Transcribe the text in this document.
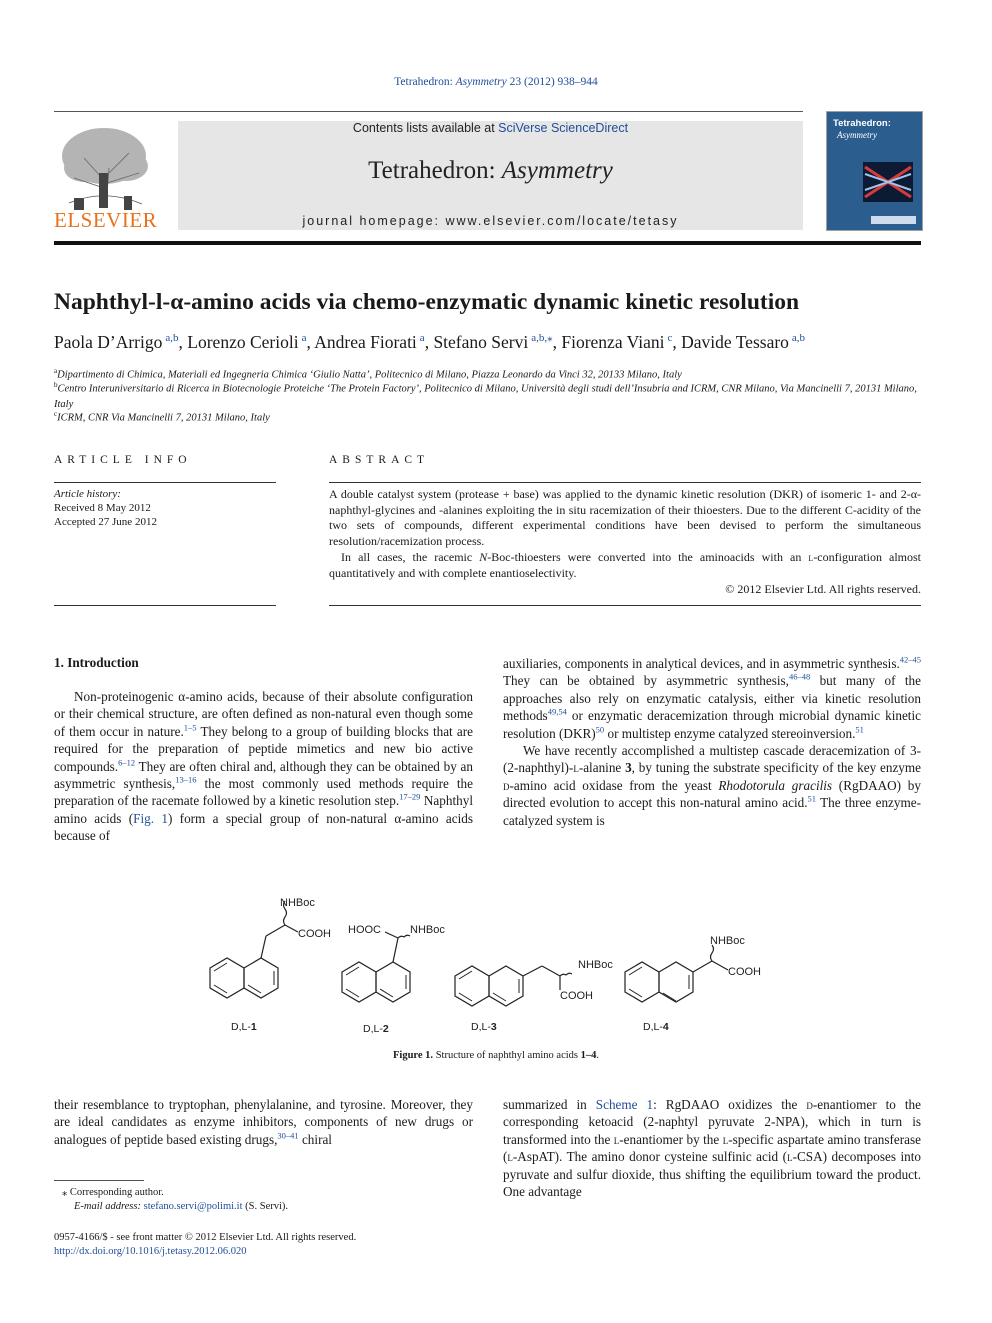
Tetrahedron: Asymmetry 23 (2012) 938–944
ELSEVIER
Contents lists available at SciVerse ScienceDirect
Tetrahedron: Asymmetry
journal homepage: www.elsevier.com/locate/tetasy
Tetrahedron:
Asymmetry
Naphthyl-l-α-amino acids via chemo-enzymatic dynamic kinetic resolution
Paola D’Arrigo $^{a,b}$, Lorenzo Cerioli $^a$, Andrea Fiorati $^a$, Stefano Servi $^{a,b,⁎}$, Fiorenza Viani $^c$, Davide Tessaro $^{a,b}$
$^a$Dipartimento di Chimica, Materiali ed Ingegneria Chimica ‘Giulio Natta’, Politecnico di Milano, Piazza Leonardo da Vinci 32, 20133 Milano, Italy
$^b$Centro Interuniversitario di Ricerca in Biotecnologie Proteiche ‘The Protein Factory’, Politecnico di Milano, Università degli studi dell’Insubria and ICRM, CNR Milano, Via Mancinelli 7, 20131 Milano, Italy
$^c$ICRM, CNR Via Mancinelli 7, 20131 Milano, Italy
ARTICLE INFO
Article history:
Received 8 May 2012
Accepted 27 June 2012
ABSTRACT

A double catalyst system (protease + base) was applied to the dynamic kinetic resolution (DKR) of isomeric 1- and 2-α-naphthyl-glycines and -alanines exploiting the in situ racemization of their thioesters. Due to the different C-acidity of the two sets of compounds, different experimental conditions have been devised to perform the simultaneous resolution/racemization process.

In all cases, the racemic N-Boc-thioesters were converted into the aminoacids with an l-configuration almost quantitatively and with complete enantioselectivity.

© 2012 Elsevier Ltd. All rights reserved.
1. Introduction

Non-proteinogenic α-amino acids, because of their absolute configuration or their chemical structure, are often defined as non-natural even though some of them occur in nature.$^{1-5}$ They belong to a group of building blocks that are required for the preparation of peptide mimetics and new bio active compounds.$^{6-12}$ They are often chiral and, although they can be obtained by an asymmetric synthesis,$^{13-16}$ the most commonly used methods require the preparation of the racemate followed by a kinetic resolution step.$^{17-29}$ Naphthyl amino acids (Fig. 1) form a special group of non-natural α-amino acids because of

auxiliaries, components in analytical devices, and in asymmetric synthesis.$^{42-45}$ They can be obtained by asymmetric synthesis,$^{46-48}$ but many of the approaches also rely on enzymatic catalysis, either via kinetic resolution methods$^{49,54}$ or enzymatic deracemization through microbial dynamic kinetic resolution (DKR)$^{50}$ or multistep enzyme catalyzed stereoinversion.$^{51}$

We have recently accomplished a multistep cascade deracemization of 3-(2-naphthyl)-l-alanine 3, by tuning the substrate specificity of the key enzyme d-amino acid oxidase from the yeast Rhodotorula gracilis (RgDAAO) by directed evolution to accept this non-natural amino acid.$^{51}$ The three enzyme-catalyzed system is

NHBoc
COOH HOOC	NHBoc
NHBoc
COOH
NHBoc
COOH
D,L-1	D,L-2	D,L-3	D,L-4
Figure 1. Structure of naphthyl amino acids 1–4.

their resemblance to tryptophan, phenylalanine, and tyrosine. Moreover, they are ideal candidates as enzyme inhibitors, components of new drugs or analogues of peptide based existing drugs,$^{30-41}$ chiral

summarized in Scheme 1: RgDAAO oxidizes the d-enantiomer to the corresponding ketoacid (2-naphtyl pyruvate 2-NPA), which in turn is transformed into the l-enantiomer by the l-specific aspartate amino transferase (l-AspAT). The amino donor cysteine sulfinic acid (l-CSA) decomposes into pyruvate and sulfur dioxide, thus shifting the equilibrium toward the product. One advantage

⁎ Corresponding author.
E-mail address: stefano.servi@polimi.it (S. Servi).
0957-4166/$ - see front matter © 2012 Elsevier Ltd. All rights reserved.
http://dx.doi.org/10.1016/j.tetasy.2012.06.020
